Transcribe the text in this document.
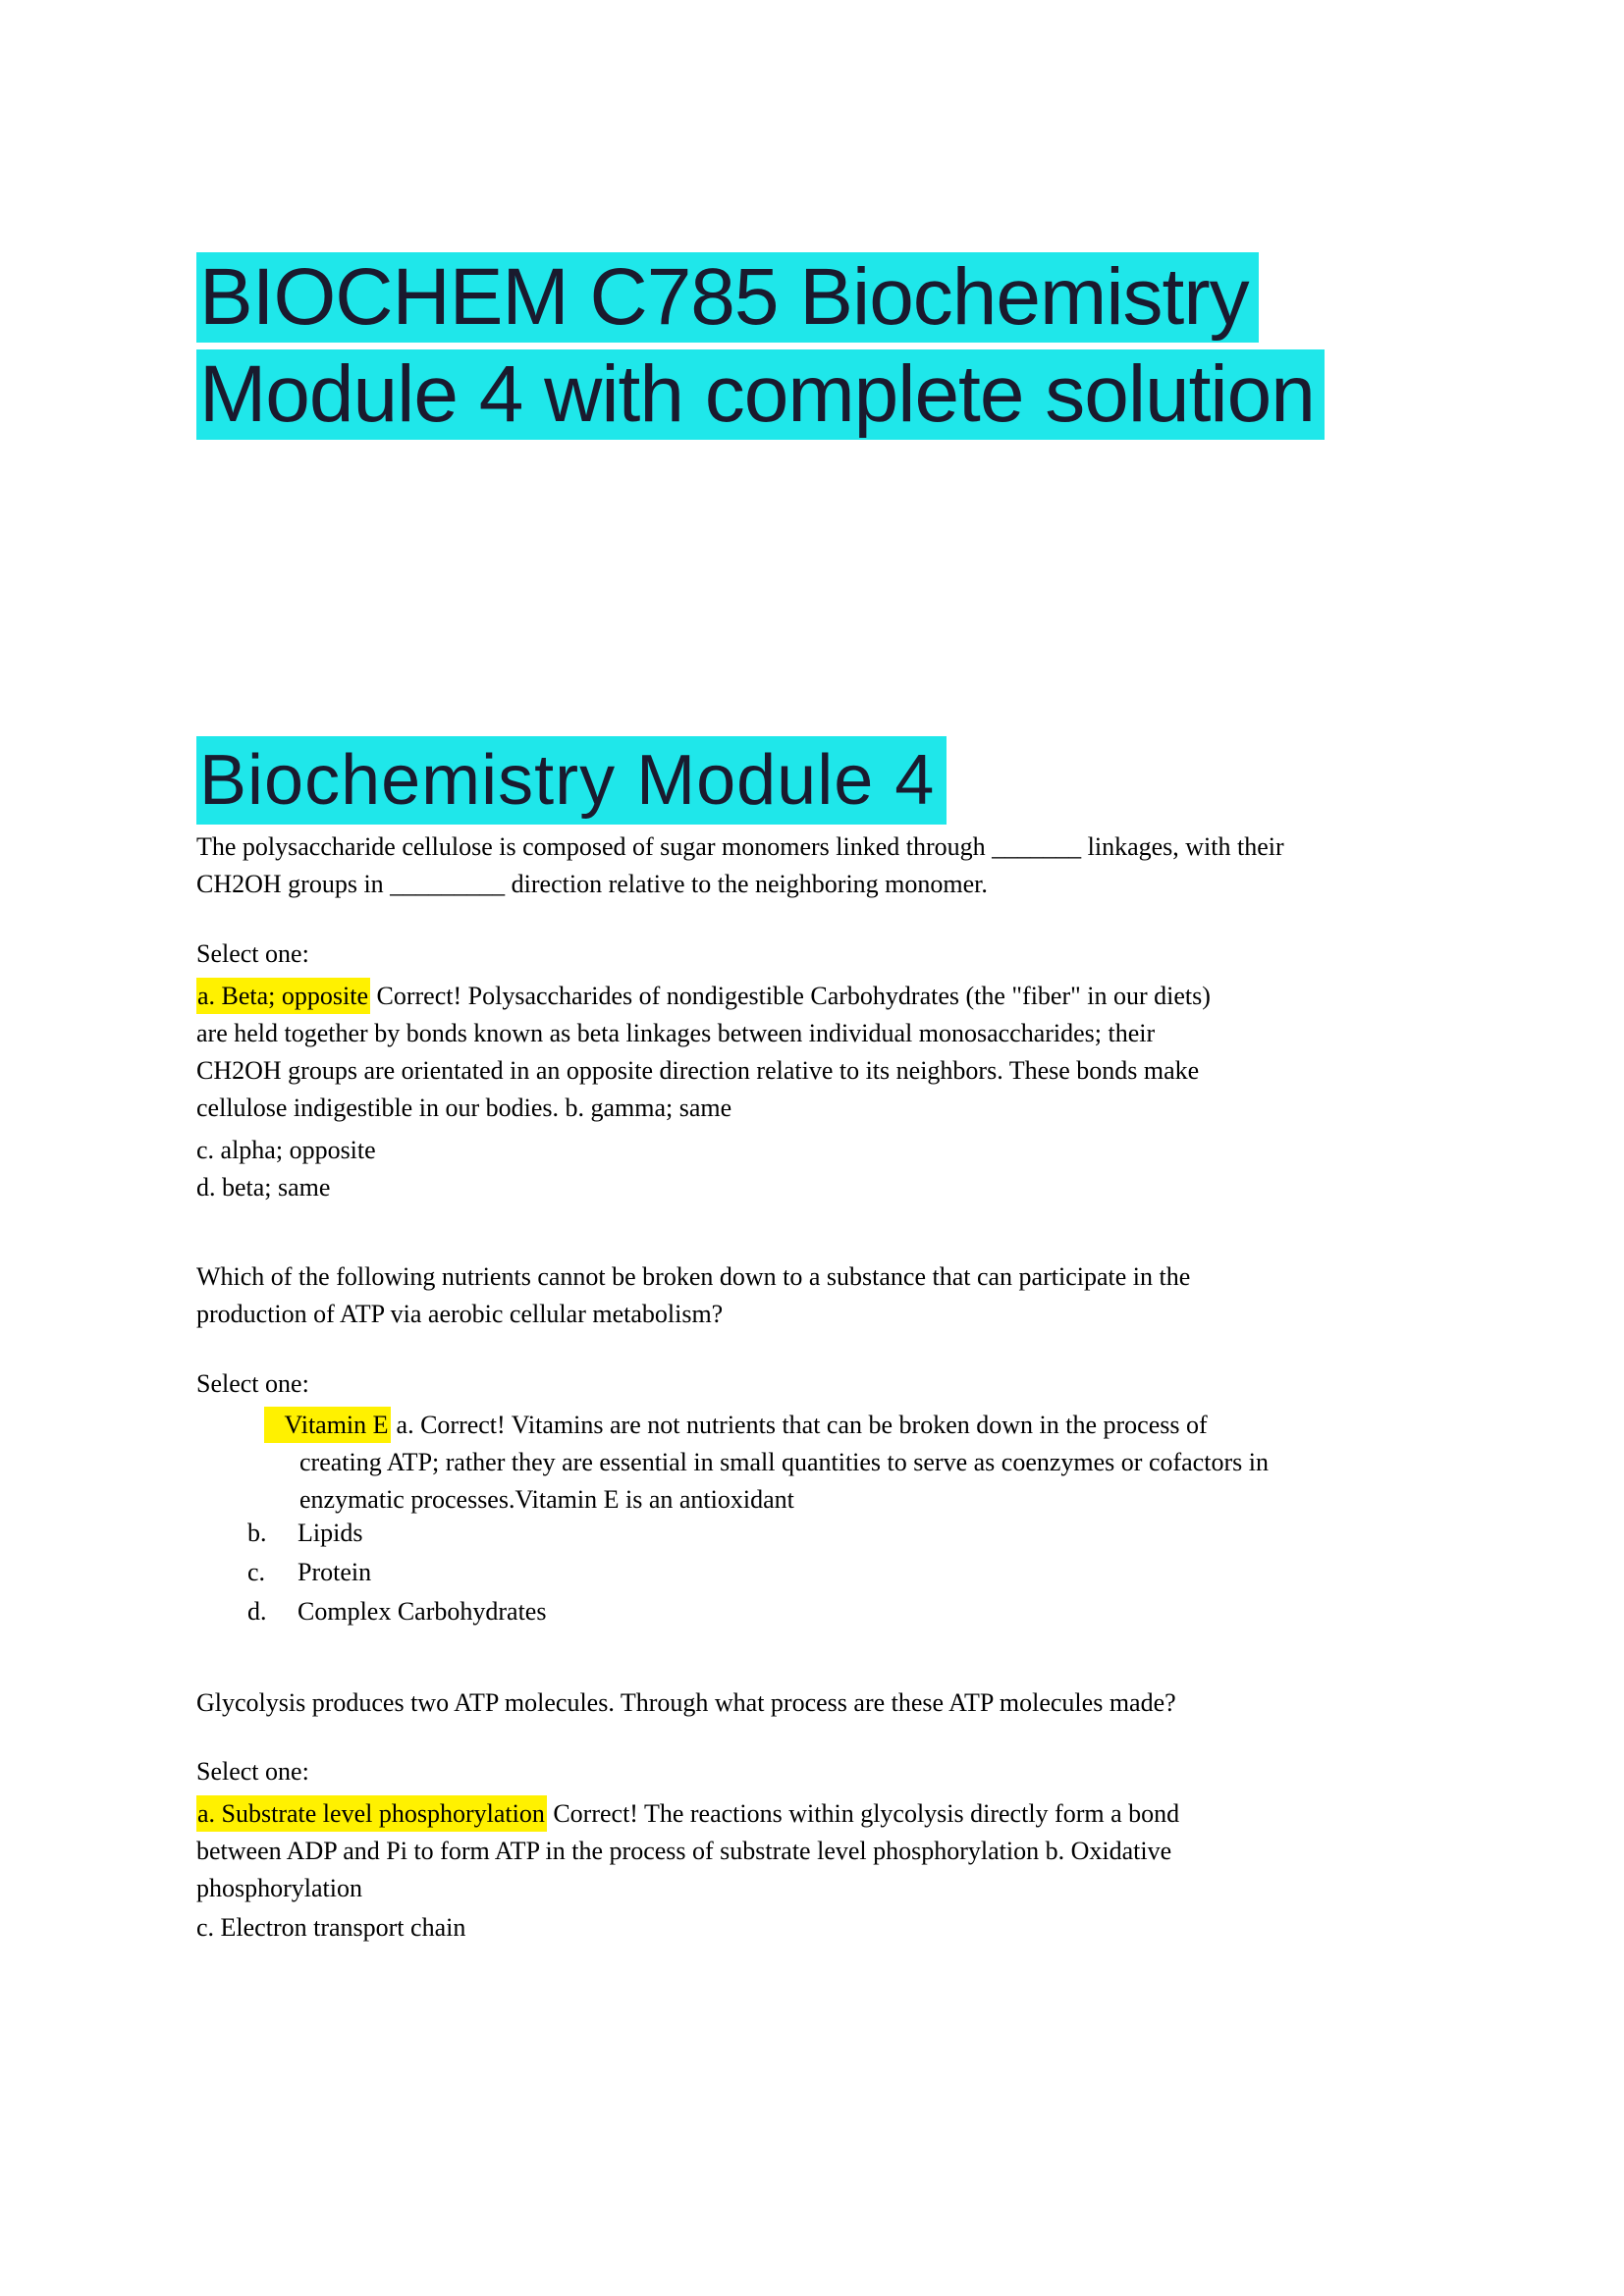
BIOCHEM C785 Biochemistry
Module 4 with complete solution
Biochemistry Module 4
The polysaccharide cellulose is composed of sugar monomers linked through _______ linkages, with their
CH2OH groups in _________ direction relative to the neighboring monomer.
Select one:
a. Beta; opposite Correct! Polysaccharides of nondigestible Carbohydrates (the "fiber" in our diets)
are held together by bonds known as beta linkages between individual monosaccharides; their
CH2OH groups are orientated in an opposite direction relative to its neighbors. These bonds make
cellulose indigestible in our bodies. b. gamma; same
c. alpha; opposite
d. beta; same
Which of the following nutrients cannot be broken down to a substance that can participate in the
production of ATP via aerobic cellular metabolism?
Select one:
Vitamin E a. Correct! Vitamins are not nutrients that can be broken down in the process of
creating ATP; rather they are essential in small quantities to serve as coenzymes or cofactors in
enzymatic processes.Vitamin E is an antioxidant
b. Lipids
c. Protein
d. Complex Carbohydrates
Glycolysis produces two ATP molecules. Through what process are these ATP molecules made?
Select one:
a. Substrate level phosphorylation Correct! The reactions within glycolysis directly form a bond
between ADP and Pi to form ATP in the process of substrate level phosphorylation b. Oxidative
phosphorylation
c. Electron transport chain
